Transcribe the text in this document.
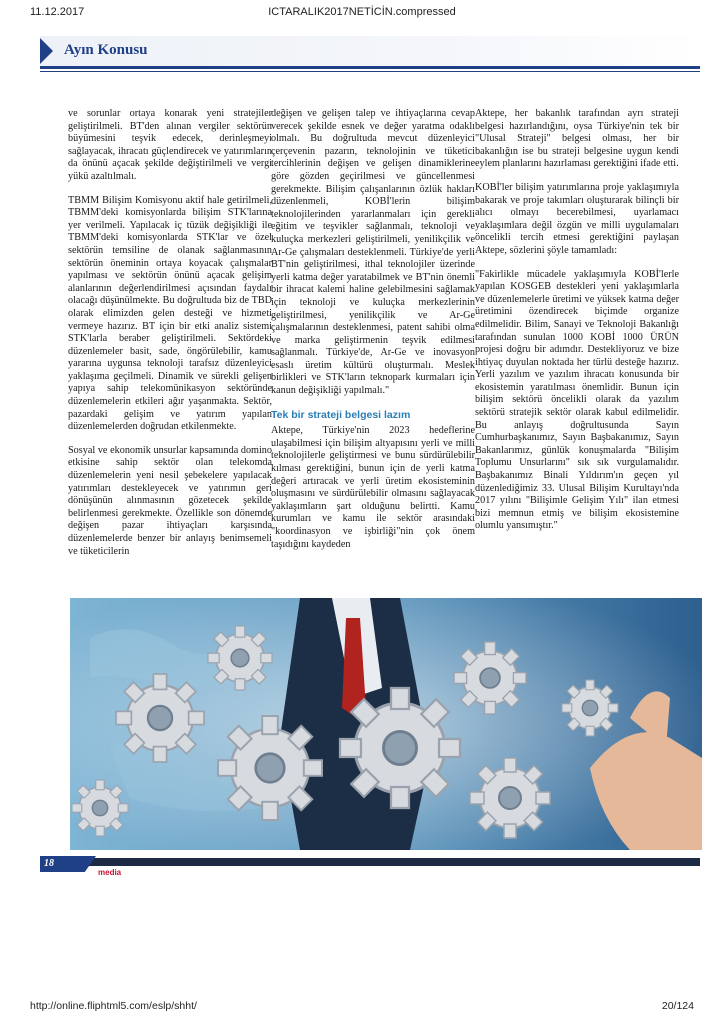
11.12.2017	ICTARALIK2017NETİCİN.compressed
Ayın Konusu

ve sorunlar ortaya konarak yeni stratejiler geliştirilmeli. BT'den alınan vergiler sektörün büyümesini teşvik edecek, derinleşmeyi sağlayacak, ihracatı güçlendirecek ve yatırımların da önünü açacak şekilde değiştirilmeli ve vergi yükü azaltılmalı.

TBMM Bilişim Komisyonu aktif hale getirilmeli, TBMM'deki komisyonlarda bilişim STK'larına yer verilmeli. Yapılacak iç tüzük değişikliği ile TBMM'deki komisyonlarda STK'lar ve özel sektörün temsiline de olanak sağlanmasının sektörün öneminin ortaya koyacak çalışmalar yapılması ve sektörün önünü açacak gelişim alanlarının değerlendirilmesi açısından faydalı olacağı düşünülmekte. Bu doğrultuda biz de TBD olarak elimizden gelen desteği ve hizmeti vermeye hazırız. BT için bir etki analiz sistemi STK'larla beraber geliştirilmeli. Sektördeki düzenlemeler basit, sade, öngörülebilir, kamu yararına uygunsa teknoloji tarafsız düzenleyici yaklaşıma geçilmeli. Dinamik ve sürekli gelişen yapıya sahip telekomünikasyon sektöründe düzenlemelerin etkileri ağır yaşanmakta. Sektör, pazardaki gelişim ve yatırım yapılan düzenlemelerden doğrudan etkilenmekte.

Sosyal ve ekonomik unsurlar kapsamında domino etkisine sahip sektör olan telekomda düzenlemelerin yeni nesil şebekelere yapılacak yatırımları destekleyecek ve yatırımın geri dönüşünün alınmasının gözetecek şekilde belirlenmesi gerekmekte. Özellikle son dönemde değişen pazar ihtiyaçları karşısında düzenlemelerde benzer bir anlayış benimsemeli ve tüketicilerin

değişen ve gelişen talep ve ihtiyaçlarına cevap verecek şekilde esnek ve değer yaratma odaklı olmalı. Bu doğrultuda mevcut düzenleyici çerçevenin pazarın, teknolojinin ve tüketici tercihlerinin değişen ve gelişen dinamiklerine göre gözden geçirilmesi ve güncellenmesi gerekmekte. Bilişim çalışanlarının özlük hakları düzenlenmeli, KOBİ'lerin bilişim teknolojilerinden yararlanmaları için gerekli eğitim ve teşvikler sağlanmalı, teknoloji ve kuluçka merkezleri geliştirilmeli, yenilikçilik ve Ar-Ge çalışmaları desteklenmeli. Türkiye'de yerli BT'nin geliştirilmesi, ithal teknolojiler üzerinde yerli katma değer yaratabilmek ve BT'nin önemli bir ihracat kalemi haline gelebilmesini sağlamak için teknoloji ve kuluçka merkezlerinin geliştirilmesi, yenilikçilik ve Ar-Ge çalışmalarının desteklenmesi, patent sahibi olma ve marka geliştirmenin teşvik edilmesi sağlanmalı. Türkiye'de, Ar-Ge ve inovasyon esaslı üretim kültürü oluşturmalı. Meslek birlikleri ve STK'ların teknopark kurmaları için kanun değişikliği yapılmalı."

Tek bir strateji belgesi lazım

Aktepe, Türkiye'nin 2023 hedeflerine ulaşabilmesi için bilişim altyapısını yerli ve milli teknolojilerle geliştirmesi ve bunu sürdürülebilir kılması gerektiğini, bunun için de yerli katma değeri artıracak ve yerli üretim ekosisteminin oluşmasını ve sürdürülebilir olmasını sağlayacak yaklaşımların şart olduğunu belirtti. Kamu kurumları ve kamu ile sektör arasındaki "koordinasyon ve işbirliği"nin çok önem taşıdığını kaydeden

Aktepe, her bakanlık tarafından ayrı strateji belgesi hazırlandığını, oysa Türkiye'nin tek bir "Ulusal Strateji" belgesi olması, her bir bakanlığın ise bu strateji belgesine uygun kendi eylem planlarını hazırlaması gerektiğini ifade etti.

KOBİ'ler bilişim yatırımlarına proje yaklaşımıyla bakarak ve proje takımları oluşturarak bilinçli bir alıcı olmayı becerebilmesi, uyarlamacı yaklaşımlara değil özgün ve milli uygulamaları öncelikli tercih etmesi gerektiğini paylaşan Aktepe, sözlerini şöyle tamamladı:

"Fakirlikle mücadele yaklaşımıyla KOBİ'lerle yapılan KOSGEB destekleri yeni yaklaşımlarla ve düzenlemelerle üretimi ve yüksek katma değer üretimini özendirecek biçimde organize edilmelidir. Bilim, Sanayi ve Teknoloji Bakanlığı tarafından sunulan 1000 KOBİ 1000 ÜRÜN projesi doğru bir adımdır. Destekliyoruz ve bize ihtiyaç duyulan noktada her türlü desteğe hazırız. Yerli yazılım ve yazılım ihracatı konusunda bir ekosistemin yaratılması önemlidir. Bunun için bilişim sektörü öncelikli olarak da yazılım sektörü stratejik sektör olarak kabul edilmelidir. Bu anlayış doğrultusunda Sayın Cumhurbaşkanımız, Sayın Başbakanımız, Sayın Bakanlarımız, günlük konuşmalarda "Bilişim Toplumu Unsurlarını" sık sık vurgulamalıdır. Başbakanımız Binali Yıldırım'ın geçen yıl düzenlediğimiz 33. Ulusal Bilişim Kurultayı'nda 2017 yılını "Bilişimle Gelişim Yılı" ilan etmesi bizi memnun etmiş ve bilişim ekosistemine olumlu yansımıştır."

18
media
http://online.fliphtml5.com/eslp/shht/	20/124
